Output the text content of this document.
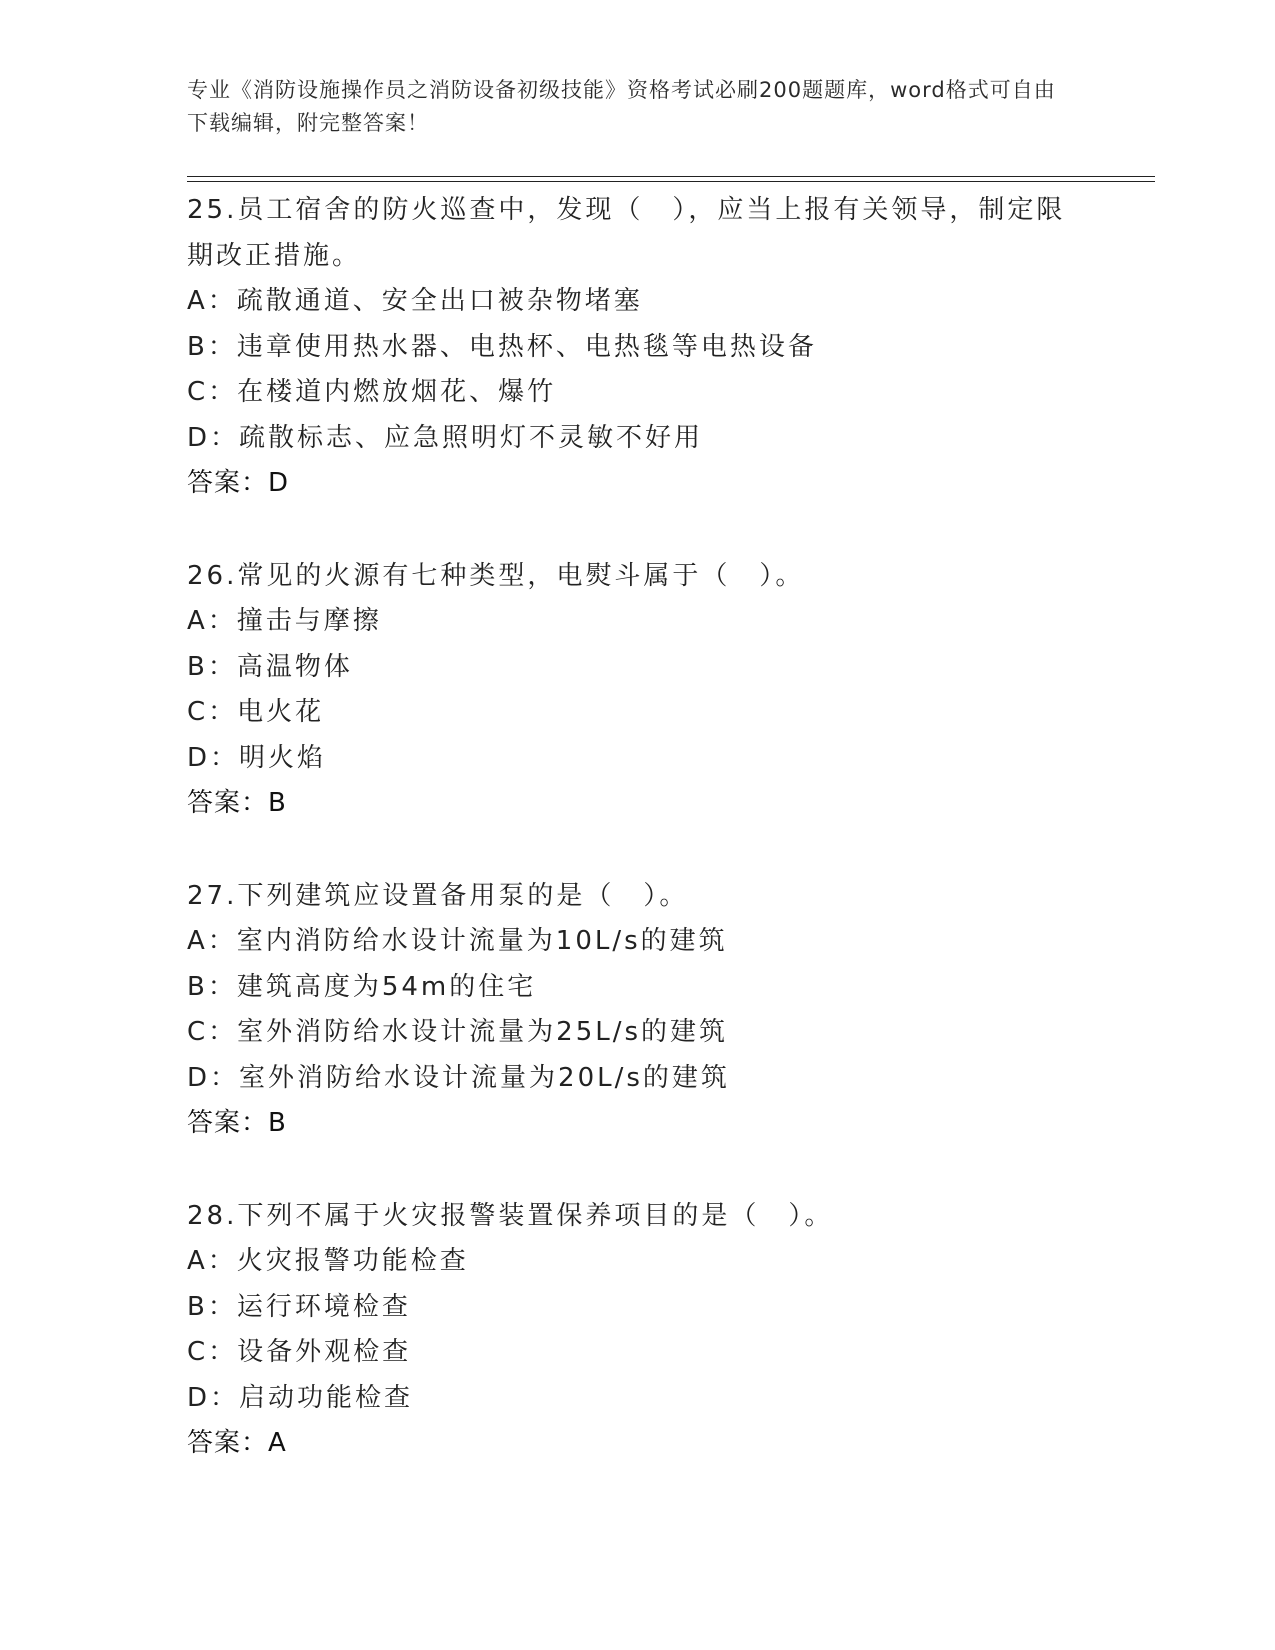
专业《消防设施操作员之消防设备初级技能》资格考试必刷200题题库，word格式可自由下载编辑，附完整答案！
25.员工宿舍的防火巡查中，发现（　），应当上报有关领导，制定限期改正措施。
A：疏散通道、安全出口被杂物堵塞
B：违章使用热水器、电热杯、电热毯等电热设备
C：在楼道内燃放烟花、爆竹
D：疏散标志、应急照明灯不灵敏不好用
答案：D
26.常见的火源有七种类型，电熨斗属于（　）。
A：撞击与摩擦
B：高温物体
C：电火花
D：明火焰
答案：B
27.下列建筑应设置备用泵的是（　）。
A：室内消防给水设计流量为10L/s的建筑
B：建筑高度为54m的住宅
C：室外消防给水设计流量为25L/s的建筑
D：室外消防给水设计流量为20L/s的建筑
答案：B
28.下列不属于火灾报警装置保养项目的是（　）。
A：火灾报警功能检查
B：运行环境检查
C：设备外观检查
D：启动功能检查
答案：A
